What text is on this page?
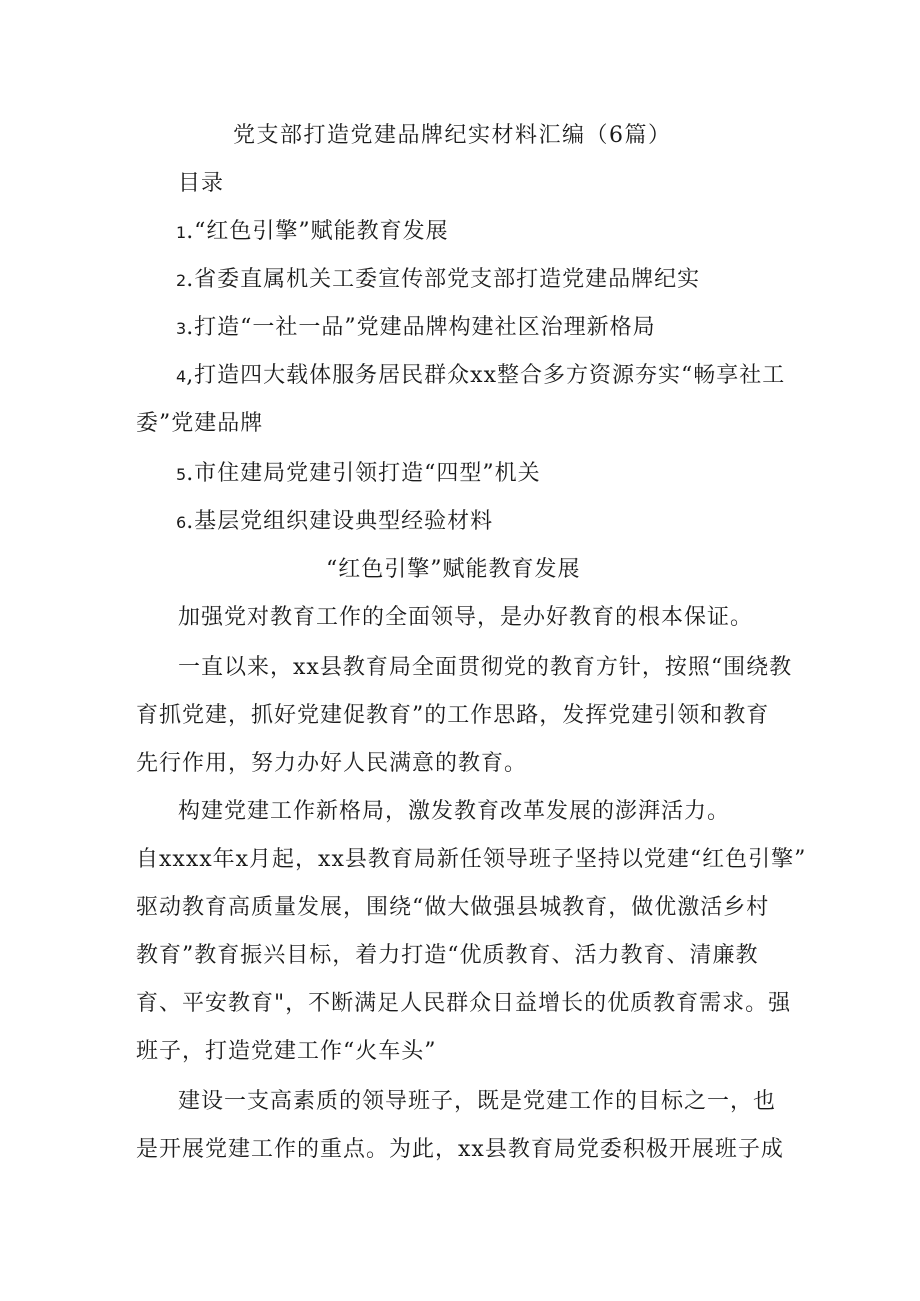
党支部打造党建品牌纪实材料汇编（6篇）

目录

1.“红色引擎”赋能教育发展

2.省委直属机关工委宣传部党支部打造党建品牌纪实

3.打造“一社一品”党建品牌构建社区治理新格局

4,打造四大载体服务居民群众xx整合多方资源夯实“畅享社工

委”党建品牌

5.市住建局党建引领打造“四型”机关

6.基层党组织建设典型经验材料

“红色引擎”赋能教育发展

加强党对教育工作的全面领导，是办好教育的根本保证。

一直以来，xx县教育局全面贯彻党的教育方针，按照“围绕教

育抓党建，抓好党建促教育”的工作思路，发挥党建引领和教育

先行作用，努力办好人民满意的教育。

构建党建工作新格局，激发教育改革发展的澎湃活力。

自xxxx年x月起，xx县教育局新任领导班子坚持以党建“红色引擎”

驱动教育高质量发展，围绕“做大做强县城教育，做优激活乡村

教育”教育振兴目标，着力打造“优质教育、活力教育、清廉教

育、平安教育"，不断满足人民群众日益增长的优质教育需求。强

班子，打造党建工作“火车头”

建设一支高素质的领导班子，既是党建工作的目标之一，也

是开展党建工作的重点。为此，xx县教育局党委积极开展班子成
